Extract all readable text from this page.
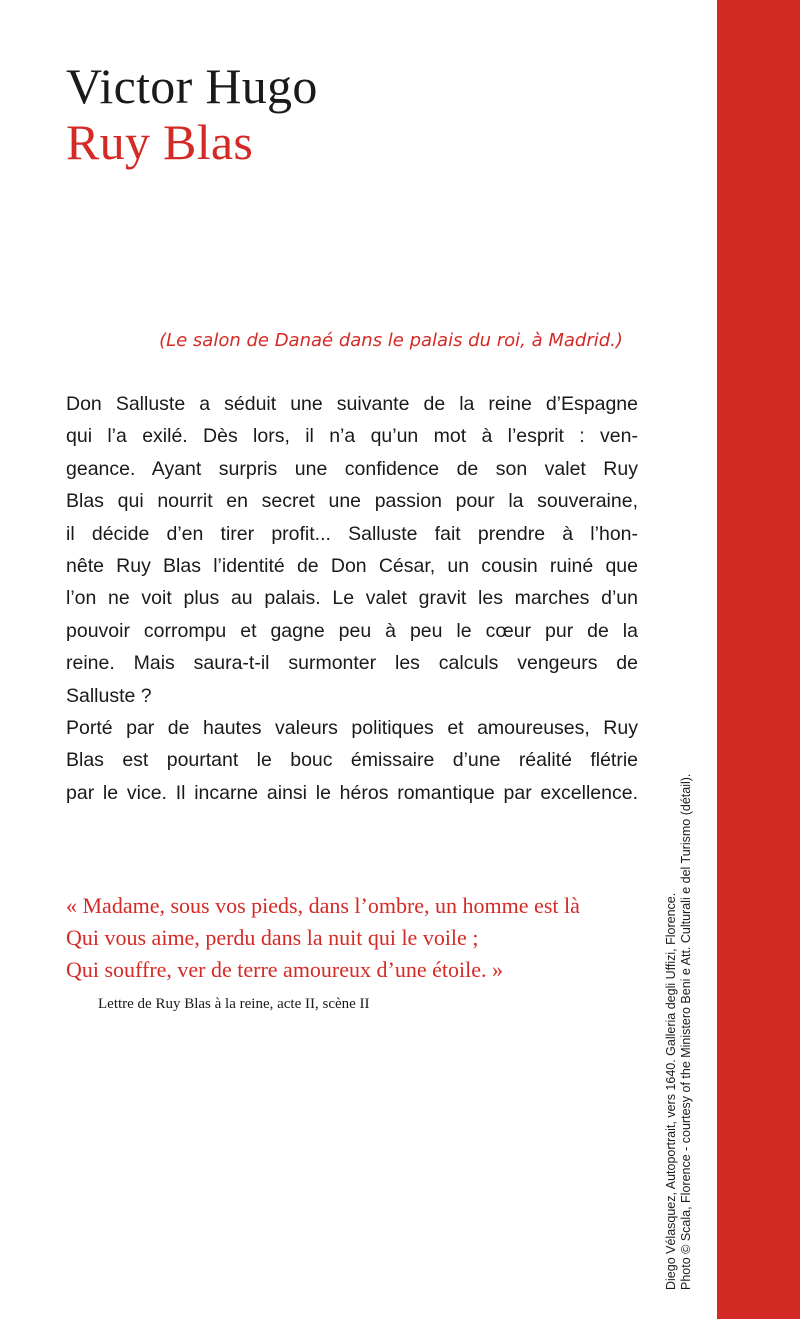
Victor Hugo
Ruy Blas
(Le salon de Danaé dans le palais du roi, à Madrid.)
Don Salluste a séduit une suivante de la reine d’Espagne
qui l’a exilé. Dès lors, il n’a qu’un mot à l’esprit : ven-
geance. Ayant surpris une confidence de son valet Ruy
Blas qui nourrit en secret une passion pour la souveraine,
il décide d’en tirer profit... Salluste fait prendre à l’hon-
nête Ruy Blas l’identité de Don César, un cousin ruiné que
l’on ne voit plus au palais. Le valet gravit les marches d’un
pouvoir corrompu et gagne peu à peu le cœur pur de la
reine. Mais saura-t-il surmonter les calculs vengeurs de
Salluste ?
Porté par de hautes valeurs politiques et amoureuses, Ruy
Blas est pourtant le bouc émissaire d’une réalité flétrie
par le vice. Il incarne ainsi le héros romantique par excellence.
« Madame, sous vos pieds, dans l’ombre, un homme est là
Qui vous aime, perdu dans la nuit qui le voile ;
Qui souffre, ver de terre amoureux d’une étoile. »
Lettre de Ruy Blas à la reine, acte II, scène II	Diego Vélasquez, Autoportrait, vers 1640. Galleria degli Uffizi, Florence. Photo © Scala, Florence - courtesy of the Ministero Beni e Att. Culturali e del Turismo (détail).
